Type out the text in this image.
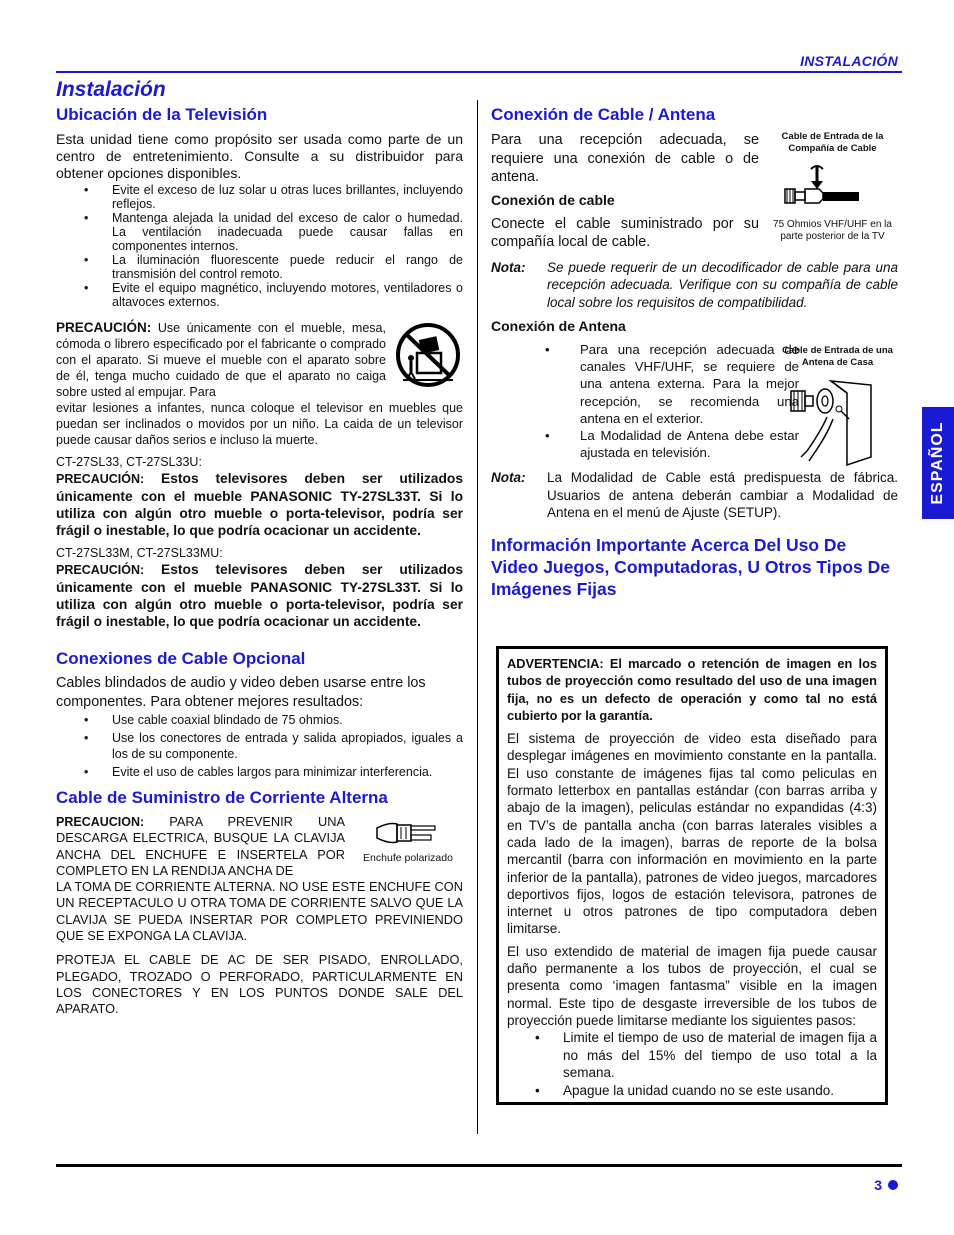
INSTALACIÓN
Instalación
Ubicación de la Televisión

Esta unidad tiene como propósito ser usada como parte de un centro de entretenimiento. Consulte a su distribuidor para obtener opciones disponibles.

• Evite el exceso de luz solar u otras luces brillantes, incluyendo reflejos.
• Mantenga alejada la unidad del exceso de calor o humedad. La ventilación inadecuada puede causar fallas en componentes internos.
• La iluminación fluorescente puede reducir el rango de transmisión del control remoto.
• Evite el equipo magnético, incluyendo motores, ventiladores o altavoces externos.

PRECAUCIÓN: Use únicamente con el mueble, mesa, cómoda o librero especificado por el fabricante o comprado con el aparato. Si mueve el mueble con el aparato sobre de él, tenga mucho cuidado de que el aparato no caiga sobre usted al empujar. Para

evitar lesiones a infantes, nunca coloque el televisor en muebles que puedan ser inclinados o movidos por un niño. La caida de un televisor puede causar daños serios e incluso la muerte.

CT-27SL33, CT-27SL33U:

PRECAUCIÓN: Estos televisores deben ser utilizados únicamente con el mueble PANASONIC TY-27SL33T. Si lo utiliza con algún otro mueble o porta-televisor, podría ser frágil o inestable, lo que podría ocacionar un accidente.

CT-27SL33M, CT-27SL33MU:

PRECAUCIÓN: Estos televisores deben ser utilizados únicamente con el mueble PANASONIC TY-27SL33T. Si lo utiliza con algún otro mueble o porta-televisor, podría ser frágil o inestable, lo que podría ocacionar un accidente.

Conexiones de Cable Opcional

Cables blindados de audio y video deben usarse entre los componentes. Para obtener mejores resultados:

• Use cable coaxial blindado de 75 ohmios.
• Use los conectores de entrada y salida apropiados, iguales a los de su componente.
• Evite el uso de cables largos para minimizar interferencia.
Cable de Suministro de Corriente Alterna
Enchufe polarizado

PRECAUCION: PARA PREVENIR UNA DESCARGA ELECTRICA, BUSQUE LA CLAVIJA ANCHA DEL ENCHUFE E INSERTELA POR COMPLETO EN LA RENDIJA ANCHA DE

LA TOMA DE CORRIENTE ALTERNA. NO USE ESTE ENCHUFE CON UN RECEPTACULO U OTRA TOMA DE CORRIENTE SALVO QUE LA CLAVIJA SE PUEDA INSERTAR POR COMPLETO PREVINIENDO QUE SE EXPONGA LA CLAVIJA.

PROTEJA EL CABLE DE AC DE SER PISADO, ENROLLADO, PLEGADO, TROZADO O PERFORADO, PARTICULARMENTE EN LOS CONECTORES Y EN LOS PUNTOS DONDE SALE DEL APARATO.

Conexión de Cable / Antena
Cable de Entrada de la Compañía de Cable
75 Ohmios VHF/UHF en la parte posterior de la TV

Para una recepción adecuada, se requiere una conexión de cable o de antena.

Conexión de cable

Conecte el cable suministrado por su compañía local de cable.

Nota:	Se puede requerir de un decodificador de cable para una recepción adecuada. Verifique con su compañía de cable local sobre los requisitos de compatibilidad.

Conexión de Antena

Cable de Entrada de una Antena de Casa
• Para una recepción adecuada de canales VHF/UHF, se requiere de una antena externa. Para la mejor recepción, se recomienda una antena en el exterior.
• La Modalidad de Antena debe estar ajustada en televisión.
Nota:	La Modalidad de Cable está predispuesta de fábrica. Usuarios de antena deberán cambiar a Modalidad de Antena en el menú de Ajuste (SETUP).
Información Importante Acerca Del Uso De Video Juegos, Computadoras, U Otros Tipos De Imágenes Fijas

ADVERTENCIA: El marcado o retención de imagen en los tubos de proyección como resultado del uso de una imagen fija, no es un defecto de operación y como tal no está cubierto por la garantía.

El sistema de proyección de video esta diseñado para desplegar imágenes en movimiento constante en la pantalla. El uso constante de imágenes fijas tal como peliculas en formato letterbox en pantallas estándar (con barras arriba y abajo de la imagen), peliculas estándar no expandidas (4:3) en TV’s de pantalla ancha (con barras laterales visibles a cada lado de la imagen), barras de reporte de la bolsa mercantil (barra con información en movimiento en la parte inferior de la pantalla), patrones de video juegos, marcadores deportivos fijos, logos de estación televisora, patrones de internet u otros patrones de tipo computadora deben limitarse.

El uso extendido de material de imagen fija puede causar daño permanente a los tubos de proyección, el cual se presenta como ‘imagen fantasma” visible en la imagen normal. Este tipo de desgaste irreversible de los tubos de proyección puede limitarse mediante los siguientes pasos:

• Limite el tiempo de uso de material de imagen fija a no más del 15% del tiempo de uso total a la semana.
• Apague la unidad cuando no se este usando.
ESPAÑOL
3
